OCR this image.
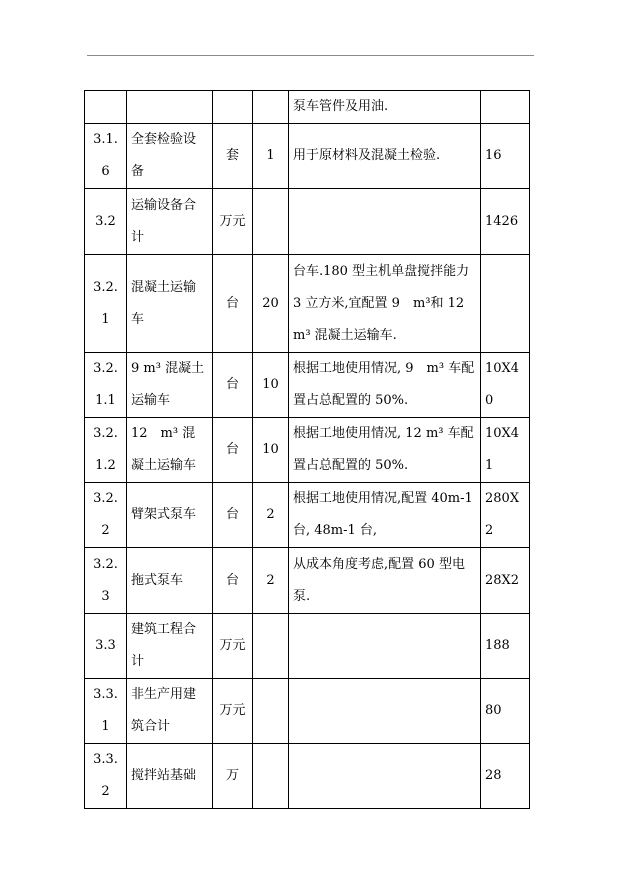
				泵车管件及用油.	
3.1.6	全套检验设备	套	1	用于原材料及混凝土检验.	16
3.2	运输设备合计	万元			1426
3.2.1	混凝土运输车	台	20	台车.180 型主机单盘搅拌能力 3 立方米,宜配置 9　m³和 12 m³ 混凝土运输车.	
3.2.1.1	9 m³ 混凝土运输车	台	10	根据工地使用情况, 9　m³ 车配置占总配置的 50%.	10X40
3.2.1.2	12　m³ 混凝土运输车	台	10	根据工地使用情况, 12 m³ 车配置占总配置的 50%.	10X41
3.2.2	臂架式泵车	台	2	根据工地使用情况,配置 40m-1 台, 48m-1 台,	280X2
3.2.3	拖式泵车	台	2	从成本角度考虑,配置 60 型电泵.	28X2
3.3	建筑工程合计	万元			188
3.3.1	非生产用建筑合计	万元			80
3.3.2	搅拌站基础	万			28
